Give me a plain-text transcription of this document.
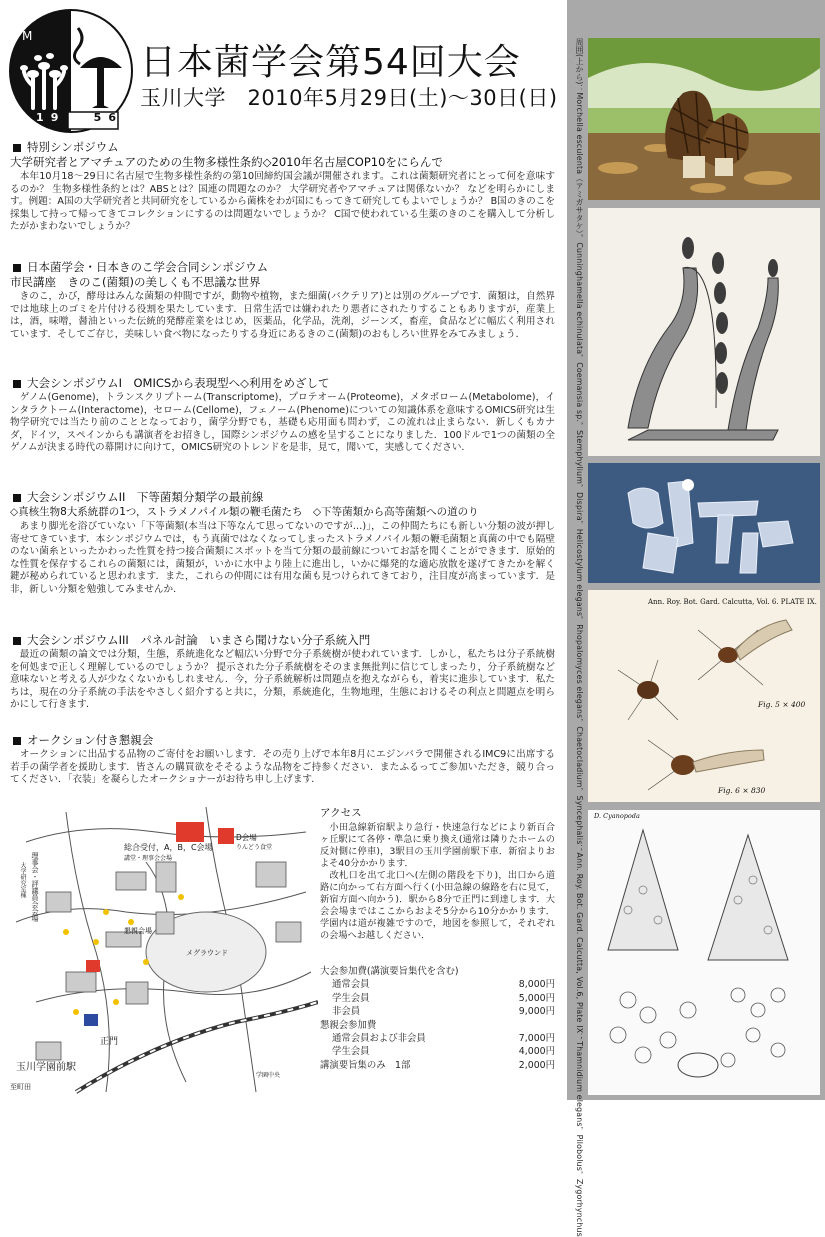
M
1 9	5 6
日本菌学会第54回大会
玉川大学　2010年5月29日(土)～30日(日)
特別シンポジウム
大学研究者とアマチュアのための生物多様性条約◇2010年名古屋COP10をにらんで
　本年10月18～29日に名古屋で生物多様性条約の第10回締約国会議が開催されます。これは菌類研究者にとって何を意味するのか？ 生物多様性条約とは？ABSとは？国連の問題なのか？ 大学研究者やアマチュアは関係ないか？ などを明らかにします。例題：A国の大学研究者と共同研究をしているから菌株をわが国にもってきて研究してもよいでしょうか？ B国のきのこを採集して持って帰ってきてコレクションにするのは問題ないでしょうか？ C国で使われている生薬のきのこを購入して分析したがかまわないでしょうか？
日本菌学会・日本きのこ学会合同シンポジウム
市民講座　きのこ(菌類)の美しくも不思議な世界
　きのこ，かび，酵母はみんな菌類の仲間ですが，動物や植物，また細菌(バクテリア)とは別のグループです．菌類は，自然界では地球上のゴミを片付ける役割を果たしています．日常生活では嫌われたり悪者にされたりすることもありますが，産業上は，酒，味噌，醤油といった伝統的発酵産業をはじめ，医薬品，化学品，洗剤，ジーンズ，畜産，食品などに幅広く利用されています．そしてご存じ，美味しい食べ物になったりする身近にあるきのこ(菌類)のおもしろい世界をみてみましょう．
大会シンポジウムI　OMICSから表現型へ◇利用をめざして
　ゲノム(Genome)，トランスクリプトーム(Transcriptome)，プロテオーム(Proteome)，メタボローム(Metabolome)，インタラクトーム(Interactome)，セローム(Cellome)，フェノーム(Phenome)についての知識体系を意味するOMICS研究は生物学研究では当たり前のこととなっており，菌学分野でも，基礎も応用面も問わず，この流れは止まらない．新しくもカナダ，ドイツ，スペインからも講演者をお招きし，国際シンポジウムの感を呈することになりました．100ドルで1つの菌類の全ゲノムが決まる時代の幕開けに向けて，OMICS研究のトレンドを是非，見て，聞いて，実感してください．
大会シンポジウムII　下等菌類分類学の最前線
◇真核生物8大系統群の1つ，ストラメノパイル類の鞭毛菌たち　◇下等菌類から高等菌類への道のり
　あまり脚光を浴びていない「下等菌類(本当は下等なんて思ってないのですが…)」，この仲間たちにも新しい分類の波が押し寄せてきています．本シンポジウムでは，もう真菌ではなくなってしまったストラメノパイル類の鞭毛菌類と真菌の中でも隔壁のない菌糸といったかわった性質を持つ接合菌類にスポットを当て分類の最前線についてお話を聞くことができます．原始的な性質を保存するこれらの菌類には，菌類が，いかに水中より陸上に進出し，いかに爆発的な適応放散を遂げてきたかを解く鍵が秘められていると思われます．また，これらの仲間には有用な菌も見つけられてきており，注目度が高まっています．是非，新しい分類を勉強してみませんか．
大会シンポジウムIII　パネル討論　いまさら聞けない分子系統入門
　最近の菌類の論文では分類，生態，系統進化など幅広い分野で分子系統樹が使われています．しかし，私たちは分子系統樹を何処まで正しく理解しているのでしょうか？ 提示された分子系統樹をそのまま無批判に信じてしまったり，分子系統樹など意味ないと考える人が少なくないかもしれません．今，分子系統解析は問題点を抱えながらも，着実に進歩しています．私たちは，現在の分子系統の手法をやさしく紹介すると共に，分類，系統進化，生物地理，生態におけるその利点と問題点を明らかにして行きます．
オークション付き懇親会
　オークションに出品する品物のご寄付をお願いします．その売り上げで本年8月にエジンバラで開催されるIMC9に出席する若手の菌学者を援助します．皆さんの購買欲をそそるような品物をご持参ください．またふるってご参加いただき，競り合ってください．「衣装」を凝らしたオークショナーがお待ち申し上げます．
総合受付，A，B，C会場
講堂・理事会会場
D会場
りんどう食堂
理事会・評議員会会場
大学研究室棟
懇親会場
メグラウンド
正門
玉川学園前駅
至町田
学園中央
アクセス
　小田急線新宿駅より急行・快速急行などにより新百合ヶ丘駅にて各停・準急に乗り換え(通常は隣りたホームの反対側に停車)，3駅目の玉川学園前駅下車．新宿よりおよそ40分かかります．
　改札口を出て北口へ(左側の階段を下り)，出口から道路に向かって右方面へ行く(小田急線の線路を右に見て，新宿方面へ向かう)．駅から8分で正門に到達します．大会会場まではここからおよそ5分から10分かかります．学園内は道が複雑ですので，地図を参照して，それぞれの会場へお越しください．
大会参加費(講演要旨集代を含む)
通常会員	8,000円
学生会員	5,000円
非会員	9,000円
懇親会参加費
通常会員および非会員	7,000円
学生会員	4,000円
講演要旨集のみ　1部	2,000円	周囲(上から)：Morchella esculenta（アミガサタケ），Cunninghamella echinulata，Coemansia sp.，Stemphylium，Dispira，Helicostylum elegans，Rhopalomyces elegans，Chaetocladium，Syncephalis；Ann. Roy. Bot. Gard. Calcutta, Vol.6, Plate IX；Thamnidium elegans，Pilobolus，Zygorhynchus	Ann. Roy. Bot. Gard. Calcutta, Vol. 6. PLATE IX.
Fig. 5 × 400
Fig. 6 × 830
D. Cyanopoda
